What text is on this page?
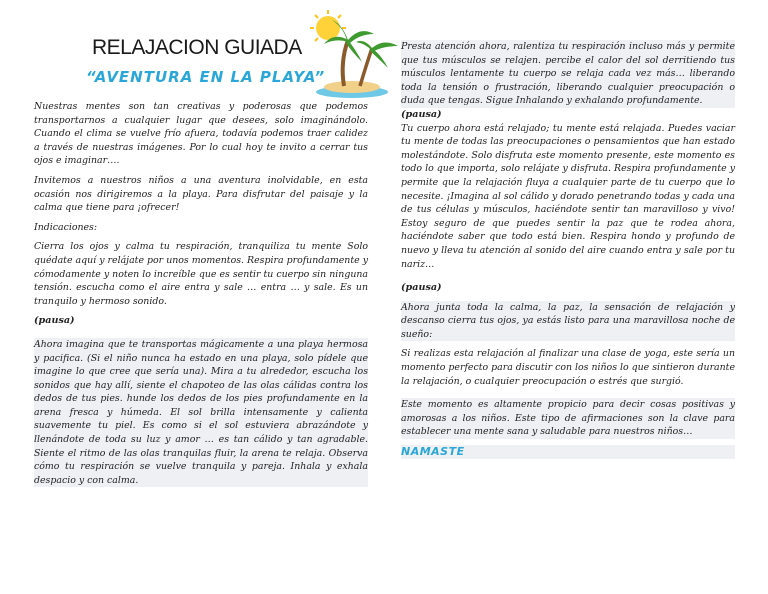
RELAJACION GUIADA
“AVENTURA EN LA PLAYA”

Nuestras mentes son tan creativas y poderosas que podemos transportarnos a cualquier lugar que desees, solo imaginándolo. Cuando el clima se vuelve frío afuera, todavía podemos traer calidez a través de nuestras imágenes. Por lo cual hoy te invito a cerrar tus ojos e imaginar….

Invitemos a nuestros niños a una aventura inolvidable, en esta ocasión nos dirigiremos a la playa. Para disfrutar del paisaje y la calma que tiene para ¡ofrecer!

Indicaciones:

Cierra los ojos y calma tu respiración, tranquiliza tu mente Solo quédate aquí y relájate por unos momentos. Respira profundamente y cómodamente y noten lo increíble que es sentir tu cuerpo sin ninguna tensión. escucha como el aire entra y sale … entra … y sale. Es un tranquilo y hermoso sonido.

(pausa)

Ahora imagina que te transportas mágicamente a una playa hermosa y pacifica. (Si el niño nunca ha estado en una playa, solo pídele que imagine lo que cree que sería una). Mira a tu alrededor, escucha los sonidos que hay allí, siente el chapoteo de las olas cálidas contra los dedos de tus pies. hunde los dedos de los pies profundamente en la arena fresca y húmeda. El sol brilla intensamente y calienta suavemente tu piel. Es como si el sol estuviera abrazándote y llenándote de toda su luz y amor … es tan cálido y tan agradable. Siente el ritmo de las olas tranquilas fluir, la arena te relaja. Observa cómo tu respiración se vuelve tranquila y pareja. Inhala y exhala despacio y con calma.

Presta atención ahora, ralentiza tu respiración incluso más y permite que tus músculos se relajen. percibe el calor del sol derritiendo tus músculos lentamente tu cuerpo se relaja cada vez más… liberando toda la tensión o frustración, liberando cualquier preocupación o duda que tengas. Sigue Inhalando y exhalando profundamente.

(pausa)

Tu cuerpo ahora está relajado; tu mente está relajada. Puedes vaciar tu mente de todas las preocupaciones o pensamientos que han estado molestándote. Solo disfruta este momento presente, este momento es todo lo que importa, solo relájate y disfruta. Respira profundamente y permite que la relajación fluya a cualquier parte de tu cuerpo que lo necesite. ¡Imagina al sol cálido y dorado penetrando todas y cada una de tus células y músculos, haciéndote sentir tan maravilloso y vivo! Estoy seguro de que puedes sentir la paz que te rodea ahora, haciéndote saber que todo está bien. Respira hondo y profundo de nuevo y lleva tu atención al sonido del aire cuando entra y sale por tu nariz…

(pausa)

Ahora junta toda la calma, la paz, la sensación de relajación y descanso cierra tus ojos, ya estás listo para una maravillosa noche de sueño:

Si realizas esta relajación al finalizar una clase de yoga, este sería un momento perfecto para discutir con los niños lo que sintieron durante la relajación, o cualquier preocupación o estrés que surgió.

Este momento es altamente propicio para decir cosas positivas y amorosas a los niños. Este tipo de afirmaciones son la clave para establecer una mente sana y saludable para nuestros niños…

NAMASTE
